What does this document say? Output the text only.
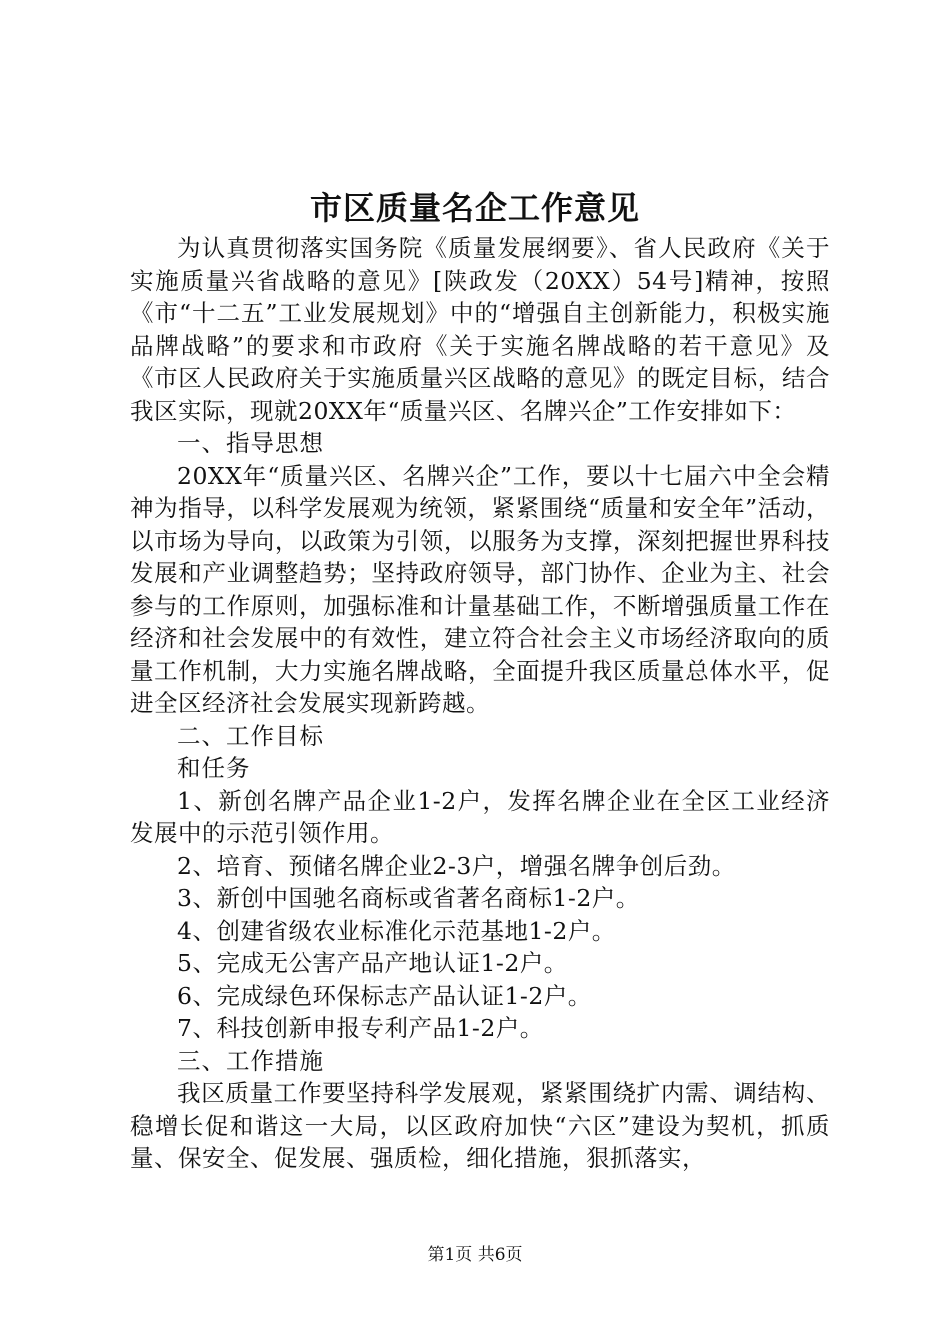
市区质量名企工作意见

为认真贯彻落实国务院《质量发展纲要》、省人民政府《关于实施质量兴省战略的意见》[陕政发（20XX）54号]精神，按照《市“十二五”工业发展规划》中的“增强自主创新能力，积极实施品牌战略”的要求和市政府《关于实施名牌战略的若干意见》及《市区人民政府关于实施质量兴区战略的意见》的既定目标，结合我区实际，现就20XX年“质量兴区、名牌兴企”工作安排如下：

一、指导思想

20XX年“质量兴区、名牌兴企”工作，要以十七届六中全会精神为指导，以科学发展观为统领，紧紧围绕“质量和安全年”活动，以市场为导向，以政策为引领，以服务为支撑，深刻把握世界科技发展和产业调整趋势；坚持政府领导，部门协作、企业为主、社会参与的工作原则，加强标准和计量基础工作，不断增强质量工作在经济和社会发展中的有效性，建立符合社会主义市场经济取向的质量工作机制，大力实施名牌战略，全面提升我区质量总体水平，促进全区经济社会发展实现新跨越。

二、工作目标

和任务

1、新创名牌产品企业1-2户，发挥名牌企业在全区工业经济发展中的示范引领作用。

2、培育、预储名牌企业2-3户，增强名牌争创后劲。

3、新创中国驰名商标或省著名商标1-2户。

4、创建省级农业标准化示范基地1-2户。

5、完成无公害产品产地认证1-2户。

6、完成绿色环保标志产品认证1-2户。

7、科技创新申报专利产品1-2户。

三、工作措施

我区质量工作要坚持科学发展观，紧紧围绕扩内需、调结构、稳增长促和谐这一大局，以区政府加快“六区”建设为契机，抓质量、保安全、促发展、强质检，细化措施，狠抓落实，

第1页 共6页
